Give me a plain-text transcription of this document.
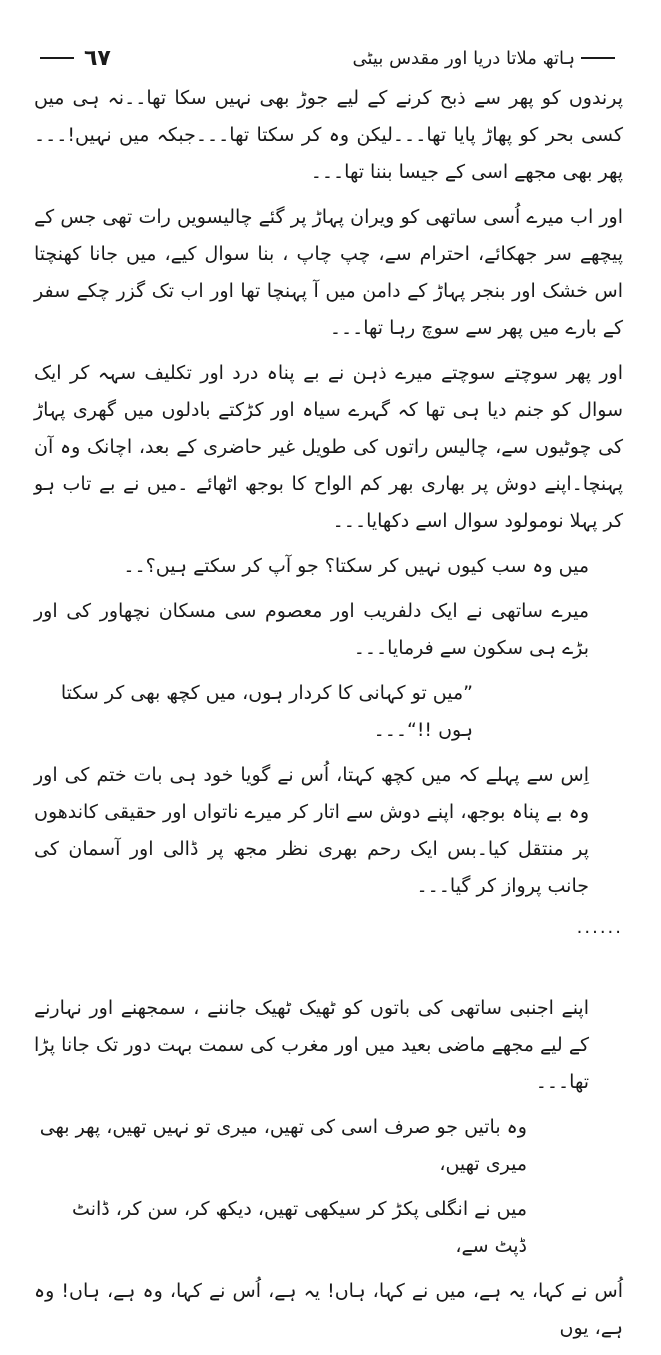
٦٧	ہاتھ ملاتا دریا اور مقدس بیٹی

پرندوں کو پھر سے ذبح کرنے کے لیے جوڑ بھی نہیں سکا تھا۔۔نہ ہی میں کسی بحر کو پھاڑ پایا تھا۔۔۔لیکن وہ کر سکتا تھا۔۔۔جبکہ میں نہیں!۔۔۔پھر بھی مجھے اسی کے جیسا بننا تھا۔۔۔

اور اب میرے اُسی ساتھی کو ویران پہاڑ پر گئے چالیسویں رات تھی جس کے پیچھے سر جھکائے، احترام سے، چپ چاپ ، بنا سوال کیے، میں جانا کھنچتا اس خشک اور بنجر پہاڑ کے دامن میں آ پہنچا تھا اور اب تک گزر چکے سفر کے بارے میں پھر سے سوچ رہا تھا۔۔۔

اور پھر سوچتے سوچتے میرے ذہن نے بے پناہ درد اور تکلیف سہہ کر ایک سوال کو جنم دیا ہی تھا کہ گہرے سیاہ اور کڑکتے بادلوں میں گھری پہاڑ کی چوٹیوں سے، چالیس راتوں کی طویل غیر حاضری کے بعد، اچانک وہ آن پہنچا۔اپنے دوش پر بھاری بھر کم الواح کا بوجھ اٹھائے ۔میں نے بے تاب ہو کر پہلا نومولود سوال اسے دکھایا۔۔۔

میں وہ سب کیوں نہیں کر سکتا؟ جو آپ کر سکتے ہیں؟۔۔

میرے ساتھی نے ایک دلفریب اور معصوم سی مسکان نچھاور کی اور بڑے ہی سکون سے فرمایا۔۔۔

”میں تو کہانی کا کردار ہوں، میں کچھ بھی کر سکتا ہوں !!“۔۔۔

اِس سے پہلے کہ میں کچھ کہتا، اُس نے گویا خود ہی بات ختم کی اور وہ بے پناہ بوجھ، اپنے دوش سے اتار کر میرے ناتواں اور حقیقی کاندھوں پر منتقل کیا۔بس ایک رحم بھری نظر مجھ پر ڈالی اور آسمان کی جانب پرواز کر گیا۔۔۔

......

اپنے اجنبی ساتھی کی باتوں کو ٹھیک ٹھیک جاننے ، سمجھنے اور نہارنے کے لیے مجھے ماضی بعید میں اور مغرب کی سمت بہت دور تک جانا پڑا تھا۔۔۔

وہ باتیں جو صرف اسی کی تھیں، میری تو نہیں تھیں، پھر بھی میری تھیں،

میں نے انگلی پکڑ کر سیکھی تھیں، دیکھ کر، سن کر، ڈانٹ ڈپٹ سے،

اُس نے کہا، یہ ہے، میں نے کہا، ہاں! یہ ہے، اُس نے کہا، وہ ہے، ہاں! وہ ہے، یوں
